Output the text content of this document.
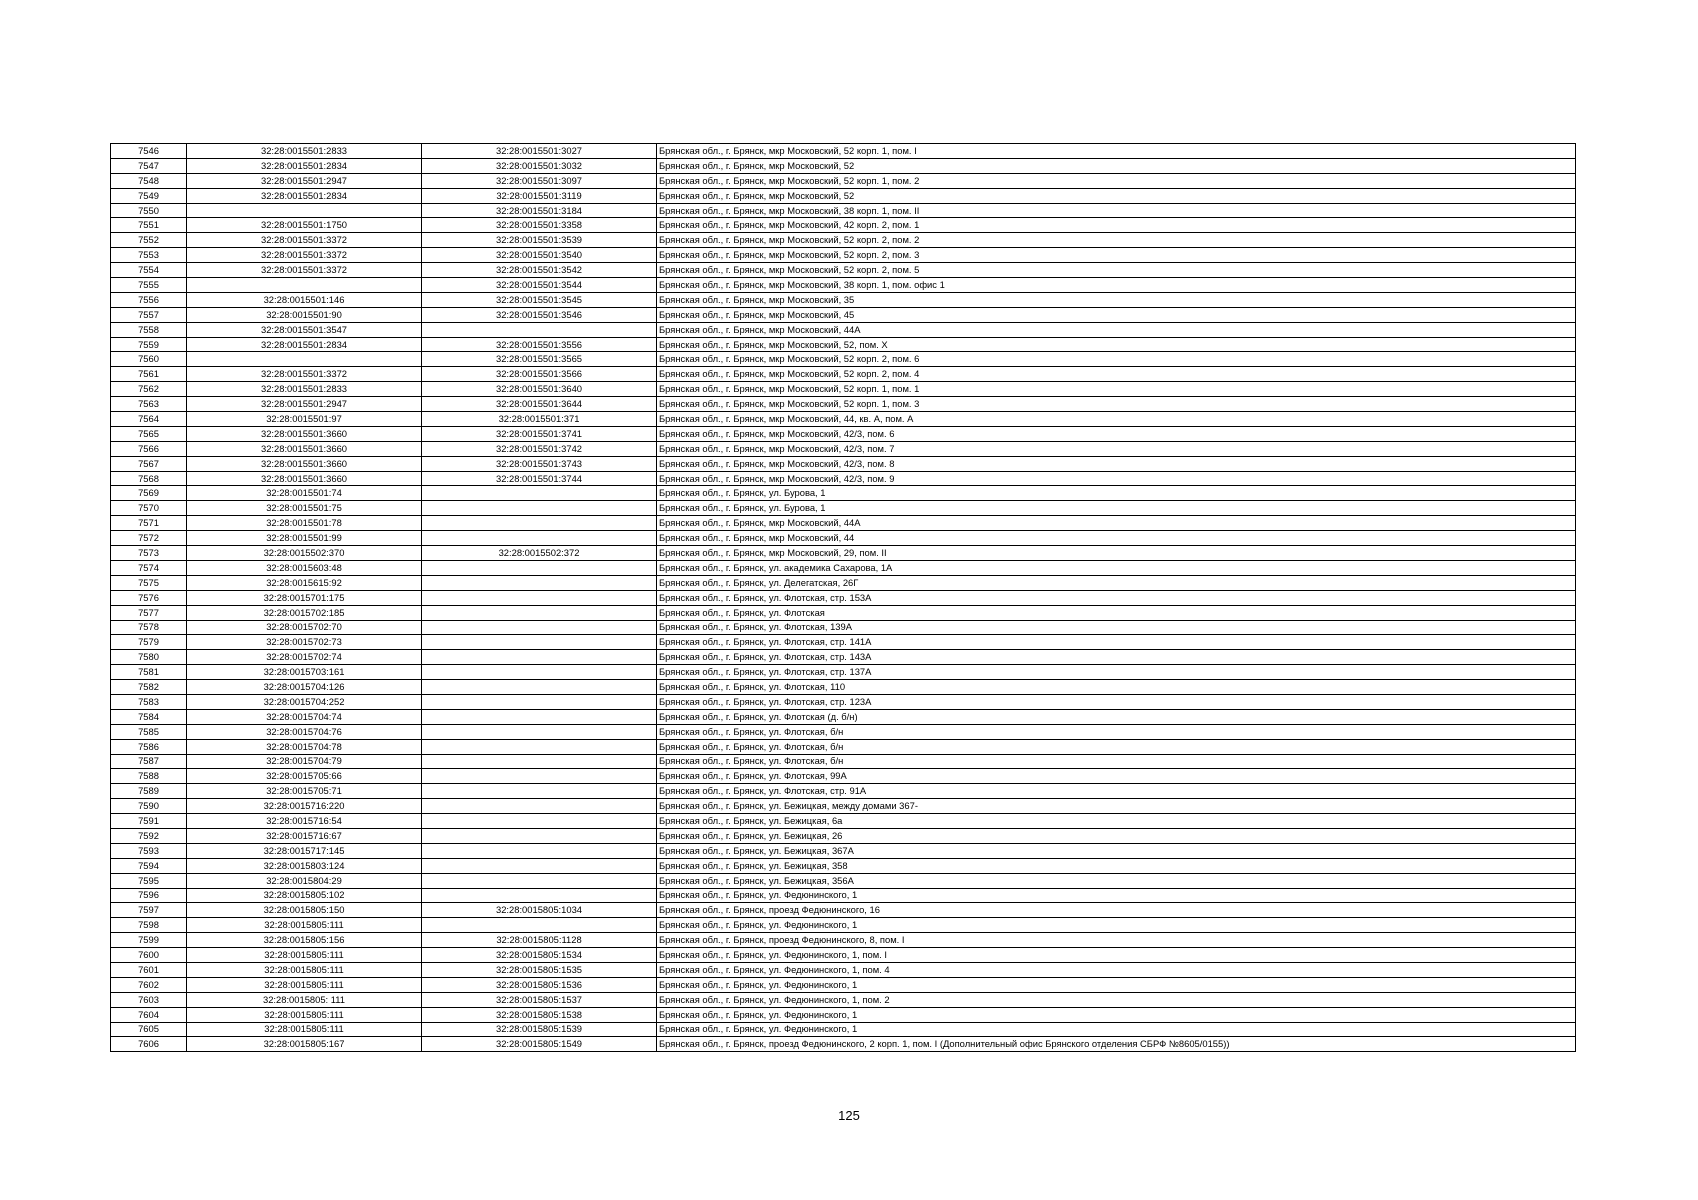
7546	32:28:0015501:2833	32:28:0015501:3027	Брянская обл., г. Брянск, мкр Московский, 52 корп. 1, пом. I
7547	32:28:0015501:2834	32:28:0015501:3032	Брянская обл., г. Брянск, мкр Московский, 52
7548	32:28:0015501:2947	32:28:0015501:3097	Брянская обл., г. Брянск, мкр Московский, 52 корп. 1, пом. 2
7549	32:28:0015501:2834	32:28:0015501:3119	Брянская обл., г. Брянск, мкр Московский, 52
7550		32:28:0015501:3184	Брянская обл., г. Брянск, мкр Московский, 38 корп. 1, пом. II
7551	32:28:0015501:1750	32:28:0015501:3358	Брянская обл., г. Брянск, мкр Московский, 42 корп. 2, пом. 1
7552	32:28:0015501:3372	32:28:0015501:3539	Брянская обл., г. Брянск, мкр Московский, 52 корп. 2, пом. 2
7553	32:28:0015501:3372	32:28:0015501:3540	Брянская обл., г. Брянск, мкр Московский, 52 корп. 2, пом. 3
7554	32:28:0015501:3372	32:28:0015501:3542	Брянская обл., г. Брянск, мкр Московский, 52 корп. 2, пом. 5
7555		32:28:0015501:3544	Брянская обл., г. Брянск, мкр Московский, 38 корп. 1, пом. офис 1
7556	32:28:0015501:146	32:28:0015501:3545	Брянская обл., г. Брянск, мкр Московский, 35
7557	32:28:0015501:90	32:28:0015501:3546	Брянская обл., г. Брянск, мкр Московский, 45
7558	32:28:0015501:3547		Брянская обл., г. Брянск, мкр Московский, 44А
7559	32:28:0015501:2834	32:28:0015501:3556	Брянская обл., г. Брянск, мкр Московский, 52, пом. X
7560		32:28:0015501:3565	Брянская обл., г. Брянск, мкр Московский, 52 корп. 2, пом. 6
7561	32:28:0015501:3372	32:28:0015501:3566	Брянская обл., г. Брянск, мкр Московский, 52 корп. 2, пом. 4
7562	32:28:0015501:2833	32:28:0015501:3640	Брянская обл., г. Брянск, мкр Московский, 52 корп. 1, пом. 1
7563	32:28:0015501:2947	32:28:0015501:3644	Брянская обл., г. Брянск, мкр Московский, 52 корп. 1, пом. 3
7564	32:28:0015501:97	32:28:0015501:371	Брянская обл., г. Брянск, мкр Московский, 44, кв. А, пом. А
7565	32:28:0015501:3660	32:28:0015501:3741	Брянская обл., г. Брянск, мкр Московский, 42/3, пом. 6
7566	32:28:0015501:3660	32:28:0015501:3742	Брянская обл., г. Брянск, мкр Московский, 42/3, пом. 7
7567	32:28:0015501:3660	32:28:0015501:3743	Брянская обл., г. Брянск, мкр Московский, 42/3, пом. 8
7568	32:28:0015501:3660	32:28:0015501:3744	Брянская обл., г. Брянск, мкр Московский, 42/3, пом. 9
7569	32:28:0015501:74		Брянская обл., г. Брянск, ул. Бурова, 1
7570	32:28:0015501:75		Брянская обл., г. Брянск, ул. Бурова, 1
7571	32:28:0015501:78		Брянская обл., г. Брянск, мкр Московский, 44А
7572	32:28:0015501:99		Брянская обл., г. Брянск, мкр Московский, 44
7573	32:28:0015502:370	32:28:0015502:372	Брянская обл., г. Брянск, мкр Московский, 29, пом. II
7574	32:28:0015603:48		Брянская обл., г. Брянск, ул. академика Сахарова, 1А
7575	32:28:0015615:92		Брянская обл., г. Брянск, ул. Делегатская, 26Г
7576	32:28:0015701:175		Брянская обл., г. Брянск, ул. Флотская, стр. 153А
7577	32:28:0015702:185		Брянская обл., г. Брянск, ул. Флотская
7578	32:28:0015702:70		Брянская обл., г. Брянск, ул. Флотская, 139А
7579	32:28:0015702:73		Брянская обл., г. Брянск, ул. Флотская, стр. 141А
7580	32:28:0015702:74		Брянская обл., г. Брянск, ул. Флотская, стр. 143А
7581	32:28:0015703:161		Брянская обл., г. Брянск, ул. Флотская, стр. 137А
7582	32:28:0015704:126		Брянская обл., г. Брянск, ул. Флотская, 110
7583	32:28:0015704:252		Брянская обл., г. Брянск, ул. Флотская, стр. 123А
7584	32:28:0015704:74		Брянская обл., г. Брянск, ул. Флотская (д. б/н)
7585	32:28:0015704:76		Брянская обл., г. Брянск, ул. Флотская, б/н
7586	32:28:0015704:78		Брянская обл., г. Брянск, ул. Флотская, б/н
7587	32:28:0015704:79		Брянская обл., г. Брянск, ул. Флотская, б/н
7588	32:28:0015705:66		Брянская обл., г. Брянск, ул. Флотская, 99А
7589	32:28:0015705:71		Брянская обл., г. Брянск, ул. Флотская, стр. 91А
7590	32:28:0015716:220		Брянская обл., г. Брянск, ул. Бежицкая, между домами 367-
7591	32:28:0015716:54		Брянская обл., г. Брянск, ул. Бежицкая, 6а
7592	32:28:0015716:67		Брянская обл., г. Брянск, ул. Бежицкая, 26
7593	32:28:0015717:145		Брянская обл., г. Брянск, ул. Бежицкая, 367А
7594	32:28:0015803:124		Брянская обл., г. Брянск, ул. Бежицкая, 358
7595	32:28:0015804:29		Брянская обл., г. Брянск, ул. Бежицкая, 356А
7596	32:28:0015805:102		Брянская обл., г. Брянск, ул. Федюнинского, 1
7597	32:28:0015805:150	32:28:0015805:1034	Брянская обл., г. Брянск, проезд Федюнинского, 16
7598	32:28:0015805:111		Брянская обл., г. Брянск, ул. Федюнинского, 1
7599	32:28:0015805:156	32:28:0015805:1128	Брянская обл., г. Брянск, проезд Федюнинского, 8, пом. I
7600	32:28:0015805:111	32:28:0015805:1534	Брянская обл., г. Брянск, ул. Федюнинского, 1, пом. I
7601	32:28:0015805:111	32:28:0015805:1535	Брянская обл., г. Брянск, ул. Федюнинского, 1, пом. 4
7602	32:28:0015805:111	32:28:0015805:1536	Брянская обл., г. Брянск, ул. Федюнинского, 1
7603	32:28:0015805: 111	32:28:0015805:1537	Брянская обл., г. Брянск, ул. Федюнинского, 1, пом. 2
7604	32:28:0015805:111	32:28:0015805:1538	Брянская обл., г. Брянск, ул. Федюнинского, 1
7605	32:28:0015805:111	32:28:0015805:1539	Брянская обл., г. Брянск, ул. Федюнинского, 1
7606	32:28:0015805:167	32:28:0015805:1549	Брянская обл., г. Брянск, проезд Федюнинского, 2 корп. 1, пом. I (Дополнительный офис Брянского отделения СБРФ №8605/0155))
125
